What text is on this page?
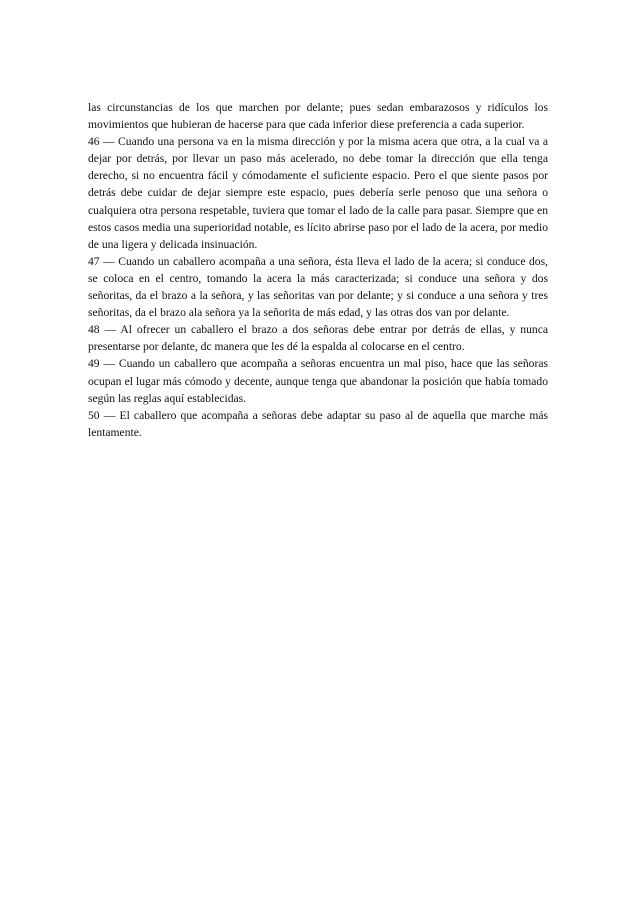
las circunstancias de los que marchen por delante; pues sedan embarazosos y ridículos los movimientos que hubieran de hacerse para que cada inferior diese preferencia a cada superior.

46 — Cuando una persona va en la misma dirección y por la misma acera que otra, a la cual va a dejar por detrás, por llevar un paso más acelerado, no debe tomar la dirección que ella tenga derecho, si no encuentra fácil y cómodamente el suficiente espacio. Pero el que siente pasos por detrás debe cuidar de dejar siempre este espacio, pues debería serle penoso que una señora o cualquiera otra persona respetable, tuviera que tomar el lado de la calle para pasar. Siempre que en estos casos media una superioridad notable, es lícito abrirse paso por el lado de la acera, por medio de una ligera y delicada insinuación.

47 — Cuando un caballero acompaña a una señora, ésta lleva el lado de la acera; si conduce dos, se coloca en el centro, tomando la acera la más caracterizada; si conduce una señora y dos señoritas, da el brazo a la señora, y las señoritas van por delante; y si conduce a una señora y tres señoritas, da el brazo ala señora ya la señorita de más edad, y las otras dos van por delante.

48 — Al ofrecer un caballero el brazo a dos señoras debe entrar por detrás de ellas, y nunca presentarse por delante, dc manera que les dé la espalda al colocarse en el centro.

49 — Cuando un caballero que acompaña a señoras encuentra un mal piso, hace que las señoras ocupan el lugar más cómodo y decente, aunque tenga que abandonar la posición que había tomado según las reglas aquí establecidas.

50 — El caballero que acompaña a señoras debe adaptar su paso al de aquella que marche más lentamente.
